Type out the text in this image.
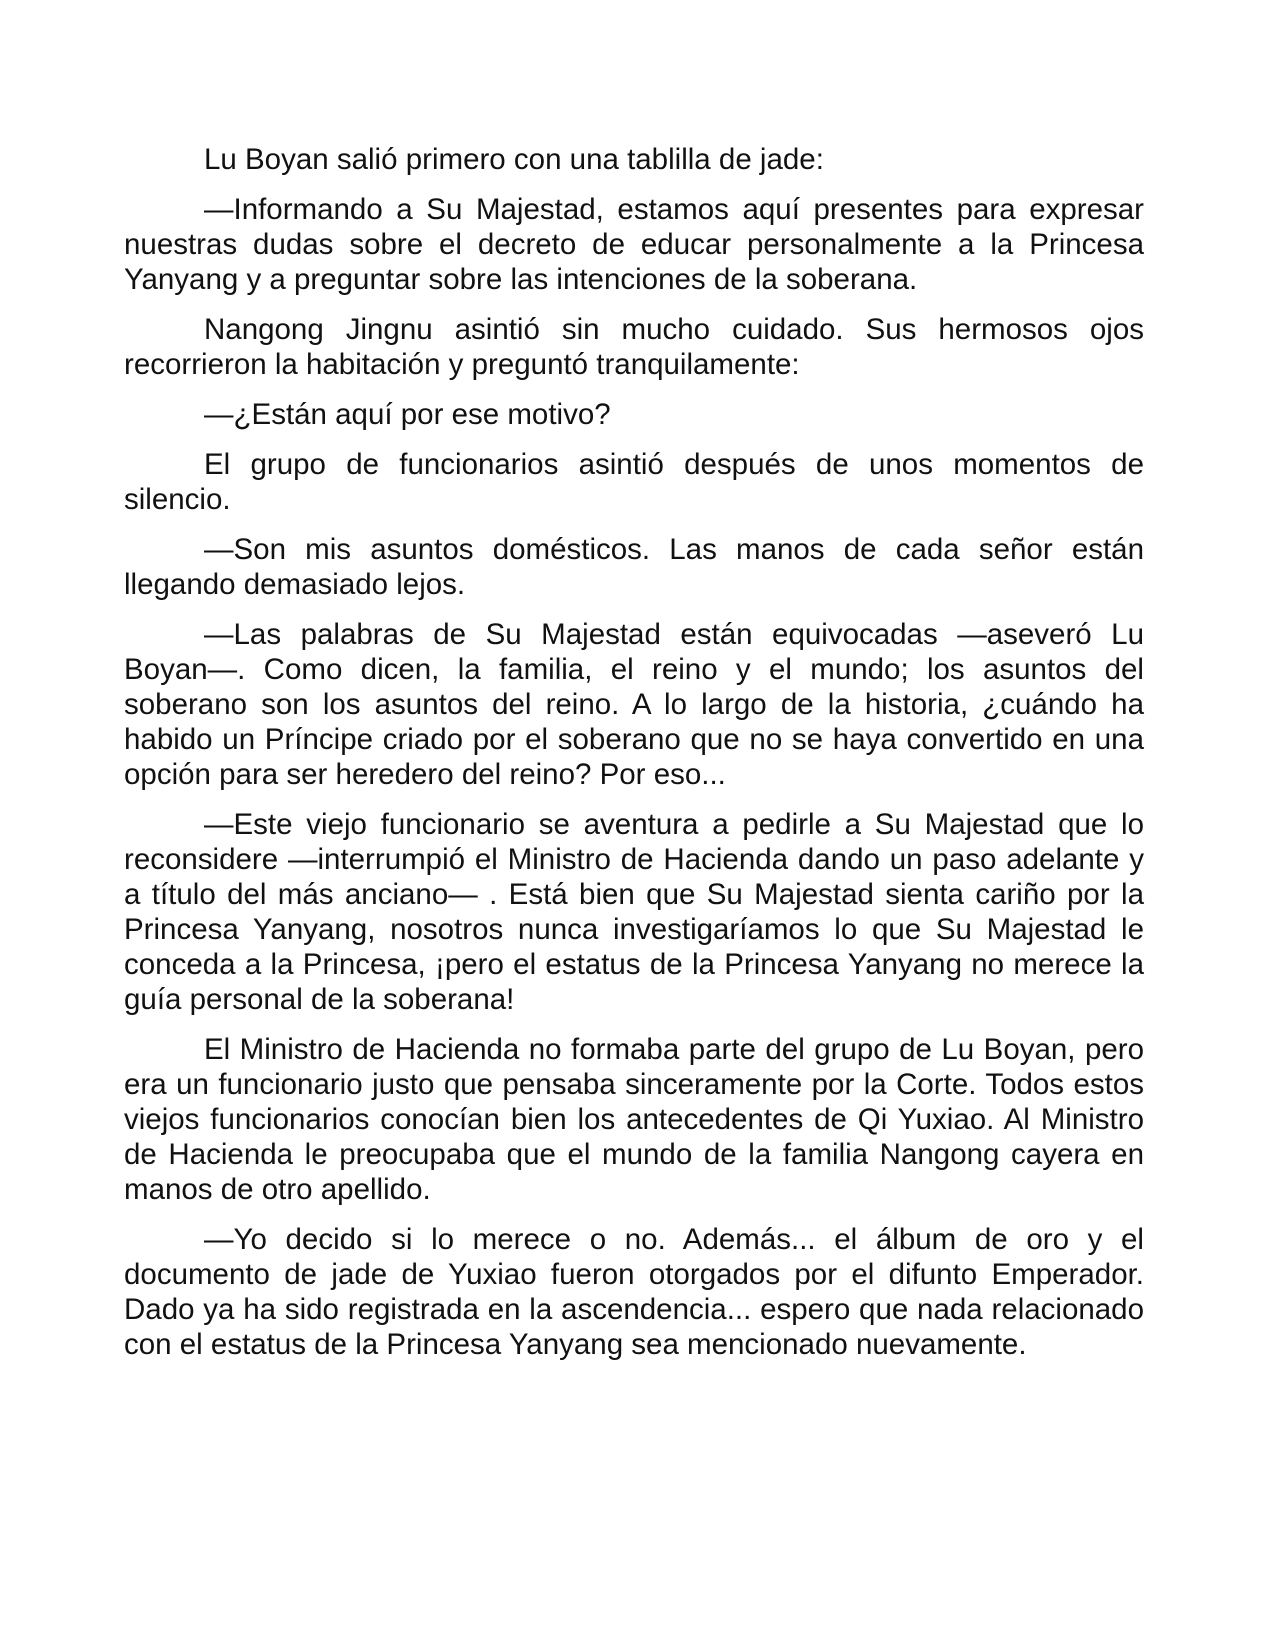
Lu Boyan salió primero con una tablilla de jade:

—Informando a Su Majestad, estamos aquí presentes para expresar nuestras dudas sobre el decreto de educar personalmente a la Princesa Yanyang y a preguntar sobre las intenciones de la soberana.

Nangong Jingnu asintió sin mucho cuidado. Sus hermosos ojos recorrieron la habitación y preguntó tranquilamente:

—¿Están aquí por ese motivo?

El grupo de funcionarios asintió después de unos momentos de silencio.

—Son mis asuntos domésticos. Las manos de cada señor están llegando demasiado lejos.

—Las palabras de Su Majestad están equivocadas —aseveró Lu Boyan—. Como dicen, la familia, el reino y el mundo; los asuntos del soberano son los asuntos del reino. A lo largo de la historia, ¿cuándo ha habido un Príncipe criado por el soberano que no se haya convertido en una opción para ser heredero del reino? Por eso...

—Este viejo funcionario se aventura a pedirle a Su Majestad que lo reconsidere —interrumpió el Ministro de Hacienda dando un paso adelante y a título del más anciano— . Está bien que Su Majestad sienta cariño por la Princesa Yanyang, nosotros nunca investigaríamos lo que Su Majestad le conceda a la Princesa, ¡pero el estatus de la Princesa Yanyang no merece la guía personal de la soberana!

El Ministro de Hacienda no formaba parte del grupo de Lu Boyan, pero era un funcionario justo que pensaba sinceramente por la Corte. Todos estos viejos funcionarios conocían bien los antecedentes de Qi Yuxiao. Al Ministro de Hacienda le preocupaba que el mundo de la familia Nangong cayera en manos de otro apellido.

—Yo decido si lo merece o no. Además... el álbum de oro y el documento de jade de Yuxiao fueron otorgados por el difunto Emperador. Dado ya ha sido registrada en la ascendencia... espero que nada relacionado con el estatus de la Princesa Yanyang sea mencionado nuevamente.
